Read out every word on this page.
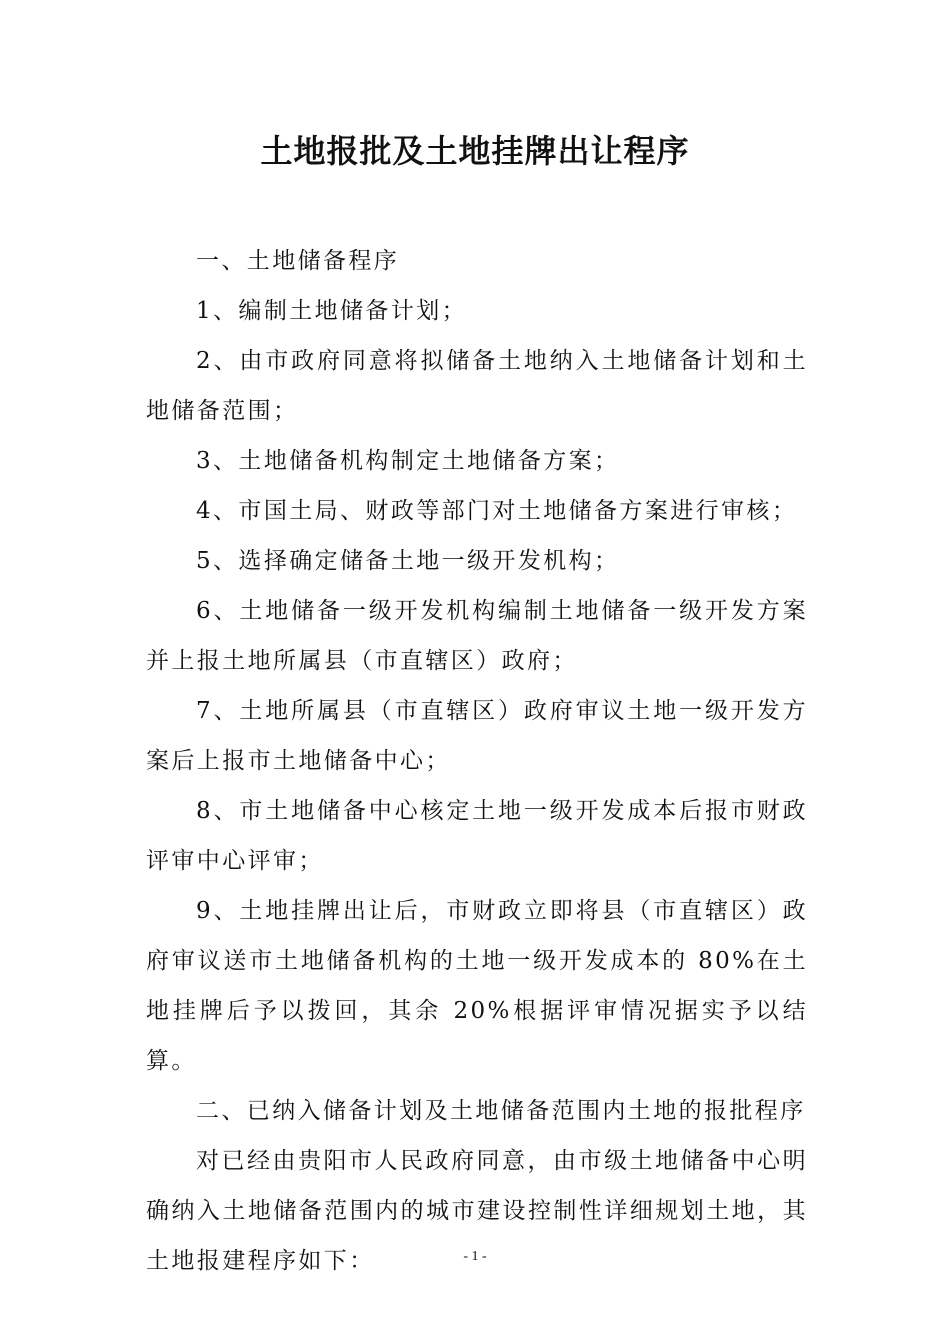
土地报批及土地挂牌出让程序

一、土地储备程序

1、编制土地储备计划；

2、由市政府同意将拟储备土地纳入土地储备计划和土地储备范围；

3、土地储备机构制定土地储备方案；

4、市国土局、财政等部门对土地储备方案进行审核；

5、选择确定储备土地一级开发机构；

6、土地储备一级开发机构编制土地储备一级开发方案并上报土地所属县（市直辖区）政府；

7、土地所属县（市直辖区）政府审议土地一级开发方案后上报市土地储备中心；

8、市土地储备中心核定土地一级开发成本后报市财政评审中心评审；

9、土地挂牌出让后，市财政立即将县（市直辖区）政府审议送市土地储备机构的土地一级开发成本的 80%在土地挂牌后予以拨回，其余 20%根据评审情况据实予以结算。

二、已纳入储备计划及土地储备范围内土地的报批程序

对已经由贵阳市人民政府同意，由市级土地储备中心明确纳入土地储备范围内的城市建设控制性详细规划土地，其土地报建程序如下：	- 1 -
